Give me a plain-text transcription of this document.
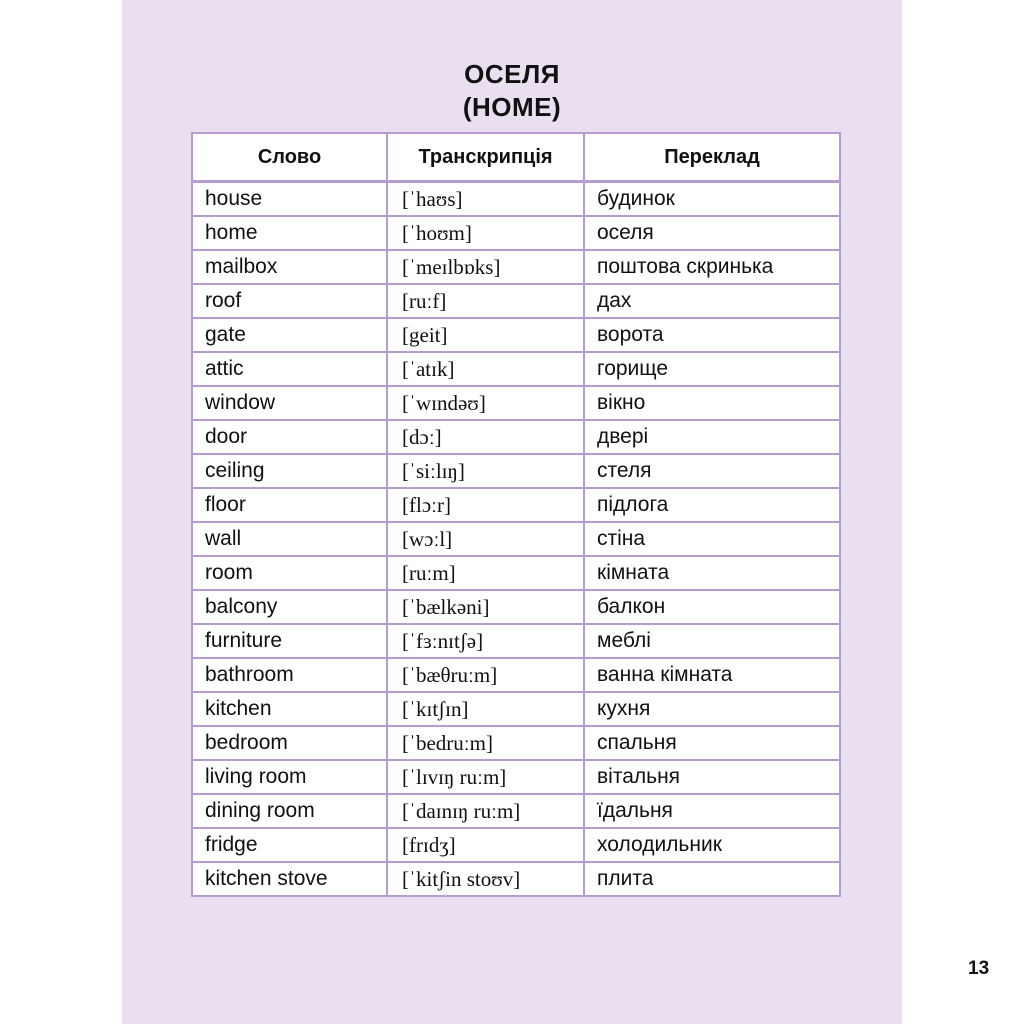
ОСЕЛЯ
(HOME)
Слово	Транскрипція	Переклад
house	[ˈhaʊs]	будинок
home	[ˈhoʊm]	оселя
mailbox	[ˈmeɪlbɒks]	поштова скринька
roof	[ruːf]	дах
gate	[geit]	ворота
attic	[ˈatɪk]	горище
window	[ˈwɪndəʊ]	вікно
door	[dɔː]	двері
ceiling	[ˈsiːlɪŋ]	стеля
floor	[flɔːr]	підлога
wall	[wɔːl]	стіна
room	[ruːm]	кімната
balcony	[ˈbælkəni]	балкон
furniture	[ˈfɜːnɪtʃə]	меблі
bathroom	[ˈbæθruːm]	ванна кімната
kitchen	[ˈkɪtʃɪn]	кухня
bedroom	[ˈbedruːm]	спальня
living room	[ˈlɪvɪŋ ruːm]	вітальня
dining room	[ˈdaɪnɪŋ ruːm]	їдальня
fridge	[frɪdʒ]	холодильник
kitchen stove	[ˈkitʃin stoʊv]	плита
13
